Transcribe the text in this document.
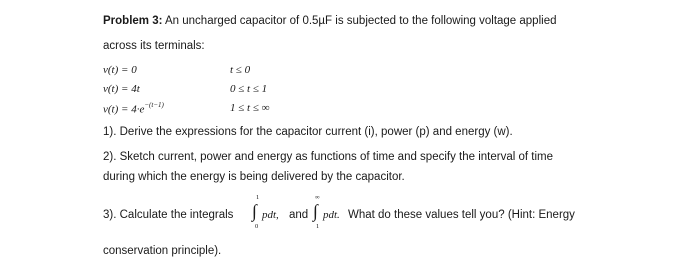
Problem 3: An uncharged capacitor of 0.5µF is subjected to the following voltage applied
across its terminals:
v(t) = 0	t ≤ 0
v(t) = 4t	0 ≤ t ≤ 1
$v(t) = 4\cdot e^{-(t-1)}$	1 ≤ t ≤ ∞
1). Derive the expressions for the capacitor current (i), power (p) and energy (w).
2). Sketch current, power and energy as functions of time and specify the interval of time
during which the energy is being delivered by the capacitor.
3). Calculate the integrals
1
∫
0
pdt, and
∞
∫
1
pdt. What do these values tell you? (Hint: Energy
conservation principle).
